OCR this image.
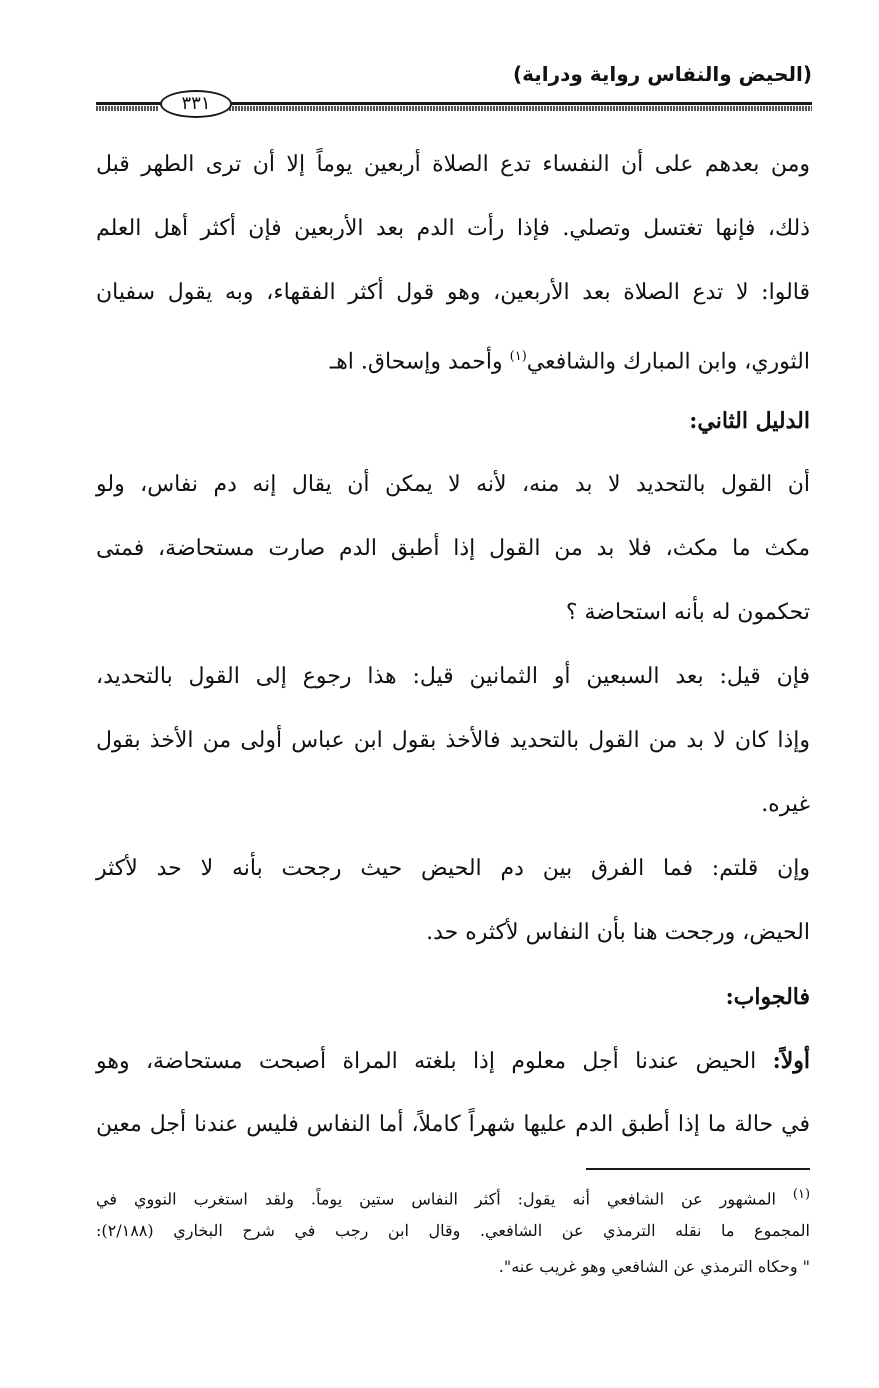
(الحيض والنفاس رواية ودراية)
٣٣١
ومن بعدهم على أن النفساء تدع الصلاة أربعين يوماً إلا أن ترى الطهر قبل
ذلك، فإنها تغتسل وتصلي. فإذا رأت الدم بعد الأربعين فإن أكثر أهل العلم
قالوا: لا تدع الصلاة بعد الأربعين، وهو قول أكثر الفقهاء، وبه يقول سفيان
الثوري، وابن المبارك والشافعي$^{(١)}$ وأحمد وإسحاق. اهـ
الدليل الثاني:
أن القول بالتحديد لا بد منه، لأنه لا يمكن أن يقال إنه دم نفاس، ولو
مكث ما مكث، فلا بد من القول إذا أطبق الدم صارت مستحاضة، فمتى
تحكمون له بأنه استحاضة ؟
فإن قيل: بعد السبعين أو الثمانين قيل: هذا رجوع إلى القول بالتحديد،
وإذا كان لا بد من القول بالتحديد فالأخذ بقول ابن عباس أولى من الأخذ بقول
غيره.
وإن قلتم: فما الفرق بين دم الحيض حيث رجحت بأنه لا حد لأكثر
الحيض، ورجحت هنا بأن النفاس لأكثره حد.
فالجواب:
أولاً: الحيض عندنا أجل معلوم إذا بلغته المراة أصبحت مستحاضة، وهو
في حالة ما إذا أطبق الدم عليها شهراً كاملاً، أما النفاس فليس عندنا أجل معين
$^{(١)}$ المشهور عن الشافعي أنه يقول: أكثر النفاس ستين يوماً. ولقد استغرب النووي في
المجموع ما نقله الترمذي عن الشافعي. وقال ابن رجب في شرح البخاري (٢/١٨٨):
" وحكاه الترمذي عن الشافعي وهو غريب عنه".
